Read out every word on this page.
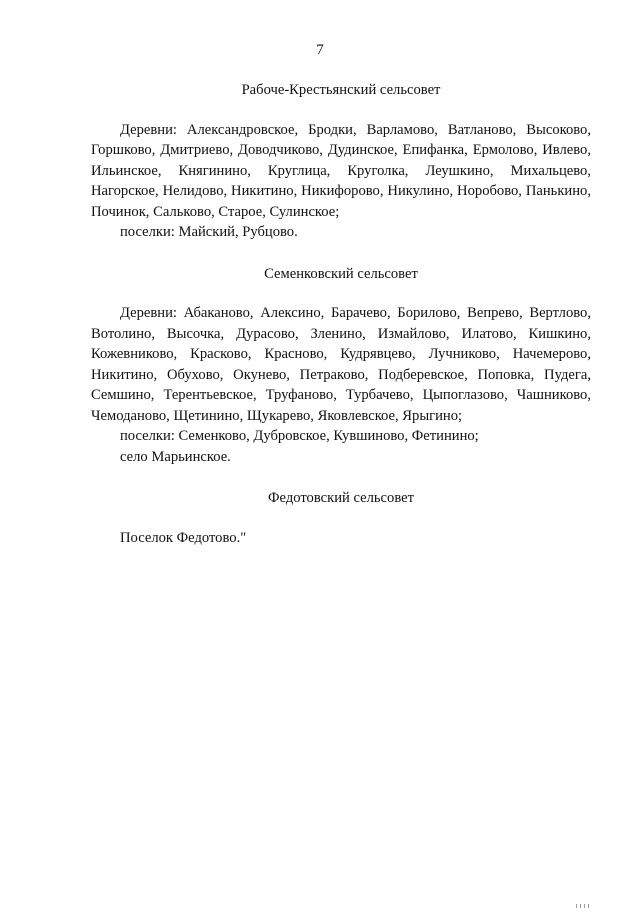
7
Рабоче-Крестьянский сельсовет

Деревни: Александровское, Бродки, Варламово, Ватланово, Высоково, Горшково, Дмитриево, Доводчиково, Дудинское, Епифанка, Ермолово, Ивлево, Ильинское, Княгинино, Круглица, Круголка, Леушкино, Михальцево, Нагорское, Нелидово, Никитино, Никифорово, Никулино, Норобово, Панькино, Починок, Сальково, Старое, Сулинское;

поселки: Майский, Рубцово.

Семенковский сельсовет

Деревни: Абаканово, Алексино, Барачево, Борилово, Вепрево, Вертлово, Вотолино, Высочка, Дурасово, Зленино, Измайлово, Илатово, Кишкино, Кожевниково, Красково, Красново, Кудрявцево, Лучниково, Начемерово, Никитино, Обухово, Окунево, Петраково, Подберевское, Поповка, Пудега, Семшино, Терентьевское, Труфаново, Турбачево, Цыпоглазово, Чашниково, Чемоданово, Щетинино, Щукарево, Яковлевское, Ярыгино;

поселки: Семенково, Дубровское, Кувшиново, Фетинино;

село Марьинское.

Федотовский сельсовет

Поселок Федотово."
